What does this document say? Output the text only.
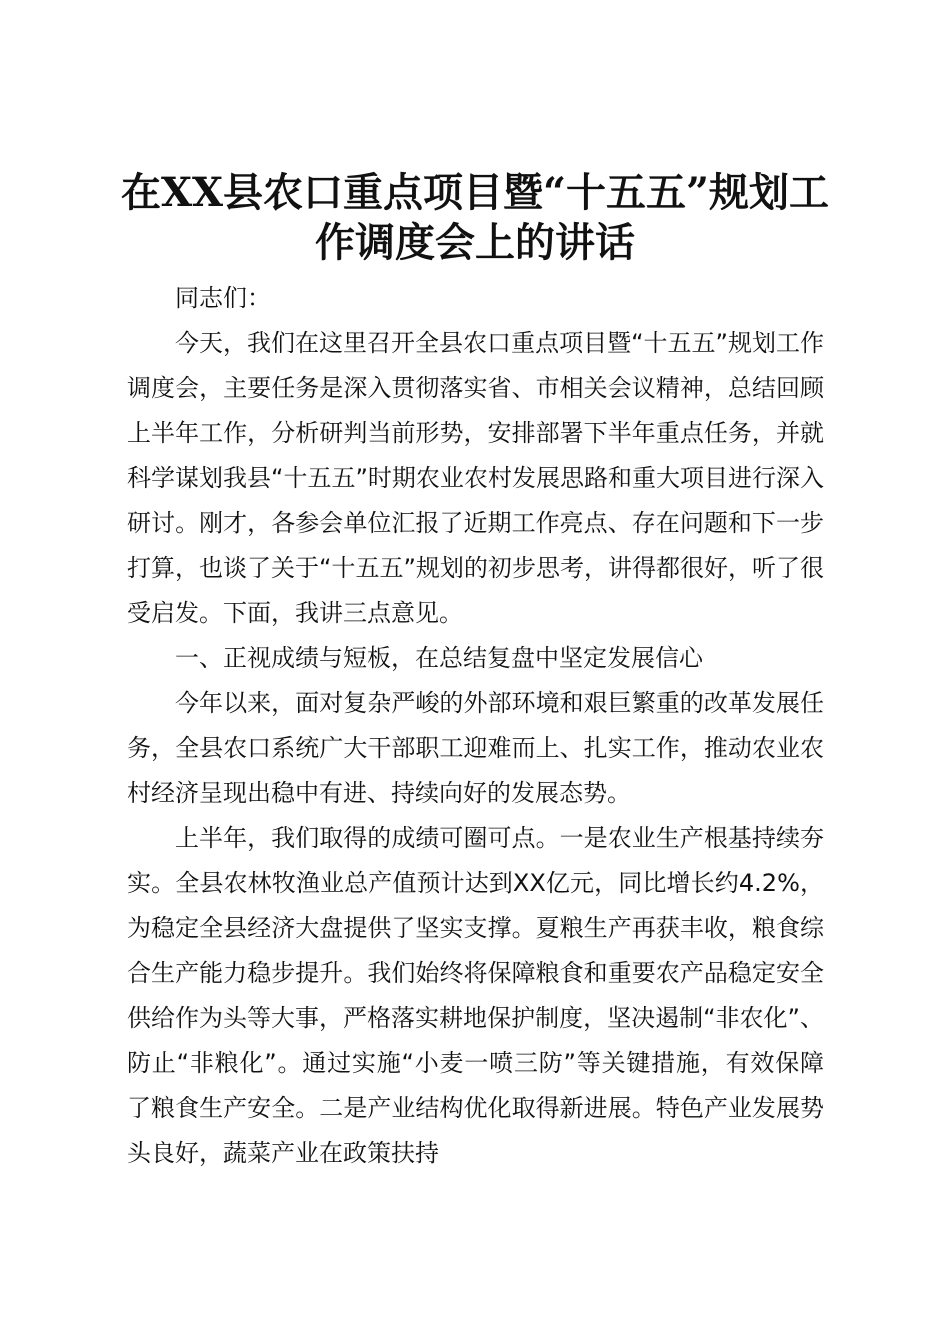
在XX县农口重点项目暨“十五五”规划工作调度会上的讲话

同志们：

今天，我们在这里召开全县农口重点项目暨“十五五”规划工作调度会，主要任务是深入贯彻落实省、市相关会议精神，总结回顾上半年工作，分析研判当前形势，安排部署下半年重点任务，并就科学谋划我县“十五五”时期农业农村发展思路和重大项目进行深入研讨。刚才，各参会单位汇报了近期工作亮点、存在问题和下一步打算，也谈了关于“十五五”规划的初步思考，讲得都很好，听了很受启发。下面，我讲三点意见。

一、正视成绩与短板，在总结复盘中坚定发展信心

今年以来，面对复杂严峻的外部环境和艰巨繁重的改革发展任务，全县农口系统广大干部职工迎难而上、扎实工作，推动农业农村经济呈现出稳中有进、持续向好的发展态势。

上半年，我们取得的成绩可圈可点。一是农业生产根基持续夯实。全县农林牧渔业总产值预计达到XX亿元，同比增长约4.2%，为稳定全县经济大盘提供了坚实支撑。夏粮生产再获丰收，粮食综合生产能力稳步提升。我们始终将保障粮食和重要农产品稳定安全供给作为头等大事，严格落实耕地保护制度，坚决遏制“非农化”、防止“非粮化”。通过实施“小麦一喷三防”等关键措施，有效保障了粮食生产安全。二是产业结构优化取得新进展。特色产业发展势头良好，蔬菜产业在政策扶持
